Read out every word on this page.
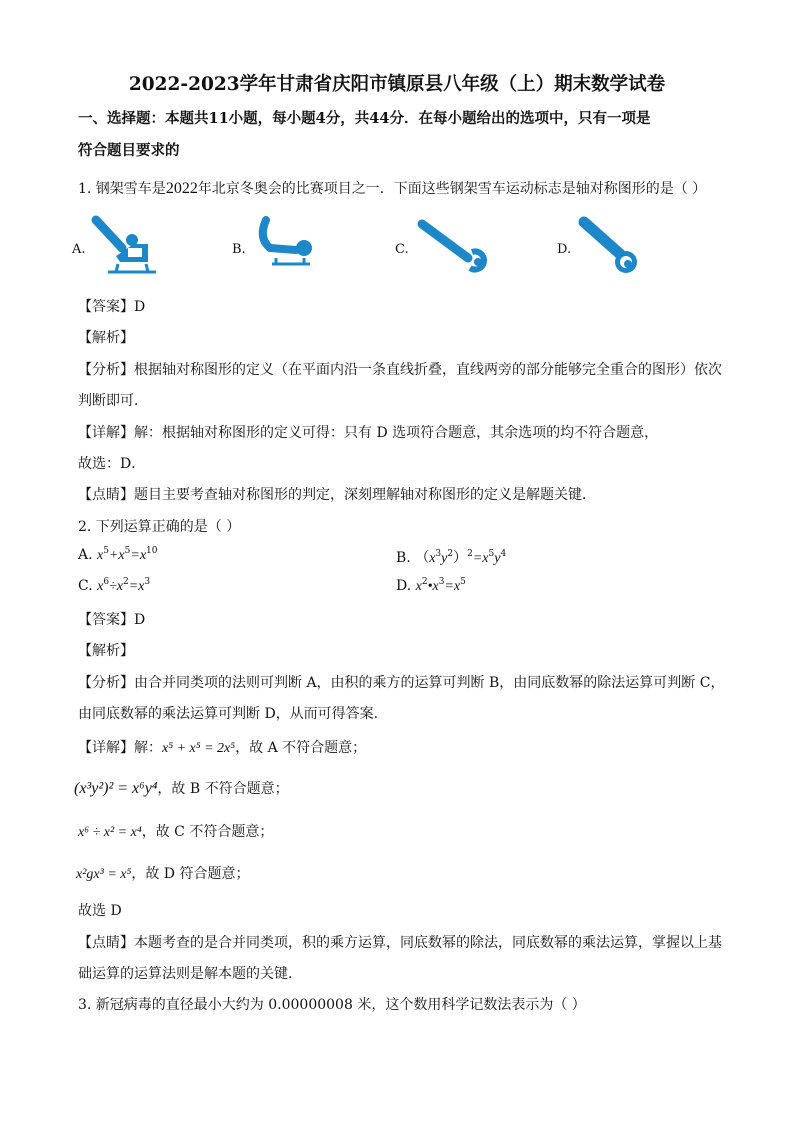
2022-2023学年甘肃省庆阳市镇原县八年级（上）期末数学试卷
一、选择题：本题共11小题，每小题4分，共44分．在每小题给出的选项中，只有一项是
符合题目要求的
1. 钢架雪车是2022年北京冬奥会的比赛项目之一．下面这些钢架雪车运动标志是轴对称图形的是（ ）
A.	B.	C.	D.
【答案】D
【解析】
【分析】根据轴对称图形的定义（在平面内沿一条直线折叠，直线两旁的部分能够完全重合的图形）依次
判断即可．
【详解】解：根据轴对称图形的定义可得：只有 D 选项符合题意，其余选项的均不符合题意，
故选：D．
【点睛】题目主要考查轴对称图形的判定，深刻理解轴对称图形的定义是解题关键．
2. 下列运算正确的是（ ）
A. $x^5+x^5=x^{10}$	B. $(x^3y^2)^2=x^5y^4$
C. $x^6\div x^2=x^3$	D. $x^2•x^3=x^5$
【答案】D
【解析】
【分析】由合并同类项的法则可判断 A，由积的乘方的运算可判断 B，由同底数幂的除法运算可判断 C，
由同底数幂的乘法运算可判断 D，从而可得答案.
【详解】解：x⁵ + x⁵ = 2x⁵，故 A 不符合题意；
(x³y²)² = x⁶y⁴，故 B 不符合题意；
x⁶ ÷ x² = x⁴，故 C 不符合题意；
x²gx³ = x⁵，故 D 符合题意；
故选 D
【点睛】本题考查的是合并同类项，积的乘方运算，同底数幂的除法，同底数幂的乘法运算，掌握以上基
础运算的运算法则是解本题的关键.
3. 新冠病毒的直径最小大约为 0.00000008 米，这个数用科学记数法表示为（ ）
